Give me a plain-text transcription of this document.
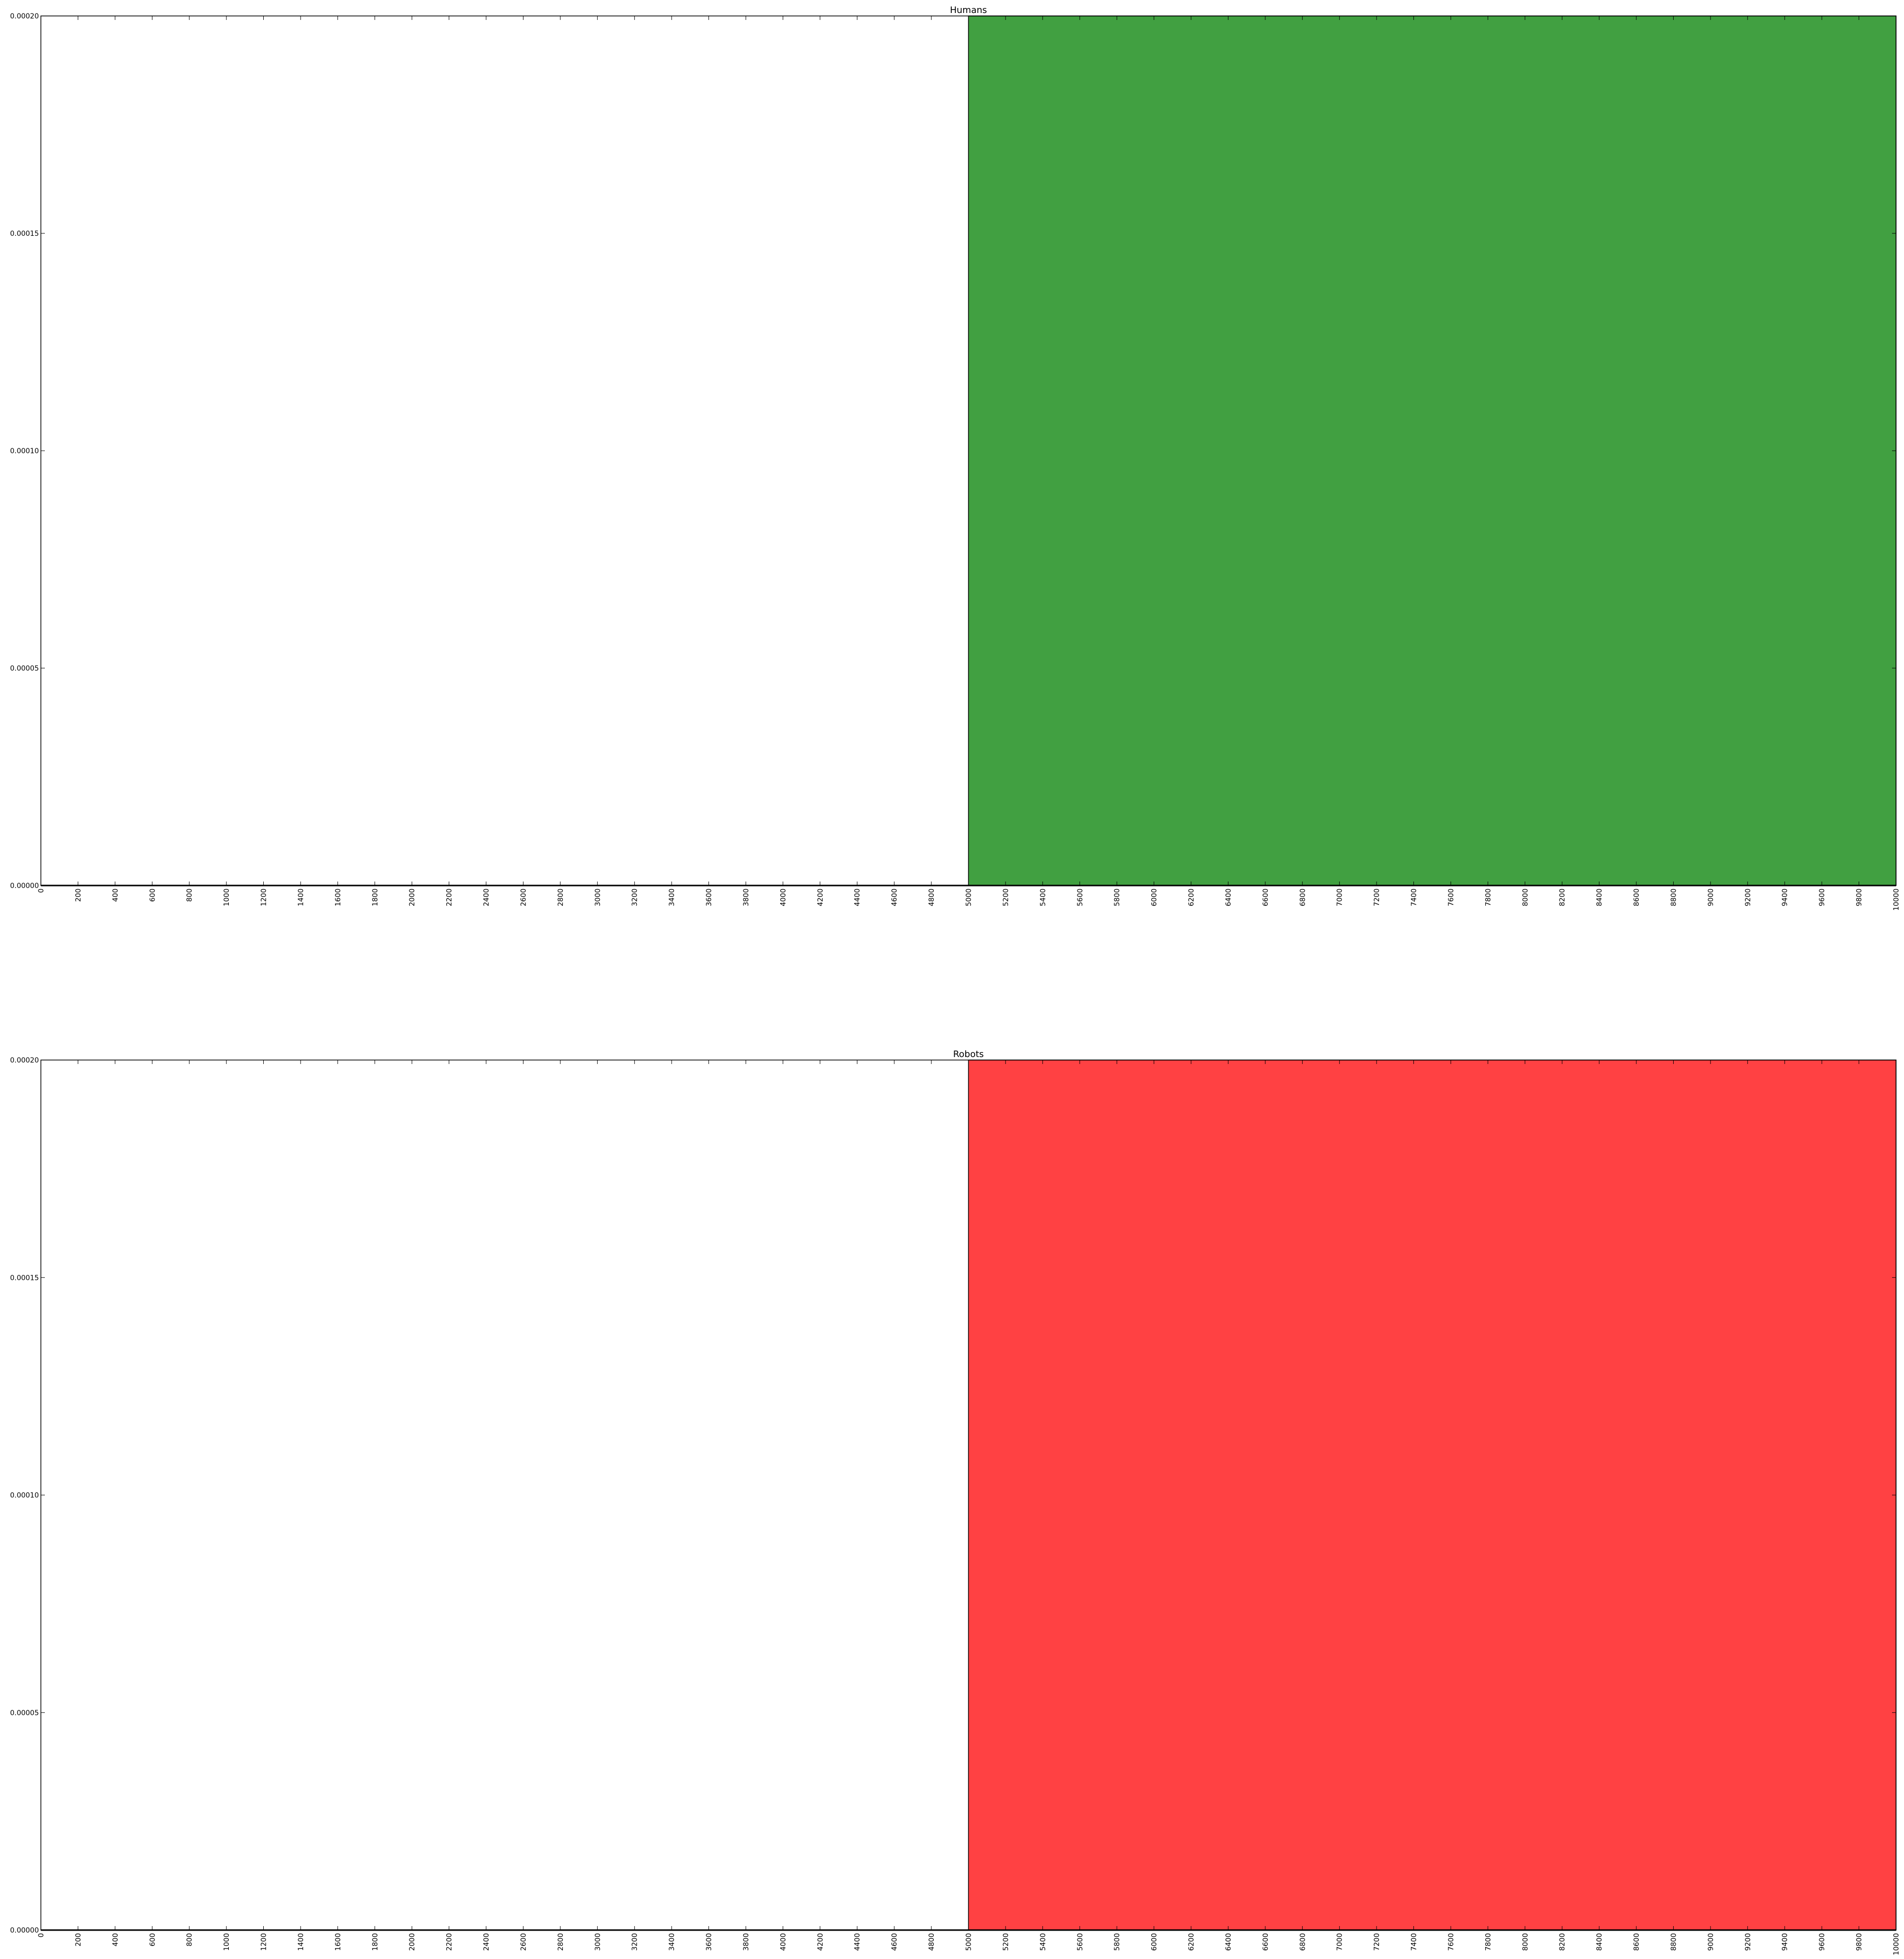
Humans
0.00000
0.00005
0.00010
0.00015
0.00020
0	200	400	600	800	1000	1200	1400	1600	1800	2000	2200	2400	2600	2800	3000	3200	3400	3600	3800	4000	4200	4400	4600	4800	5000	5200	5400	5600	5800	6000	6200	6400	6600	6800	7000	7200	7400	7600	7800	8000	8200	8400	8600	8800	9000	9200	9400	9600	9800	10000
Robots
0.00000
0.00005
0.00010
0.00015
0.00020
0	200	400	600	800	1000	1200	1400	1600	1800	2000	2200	2400	2600	2800	3000	3200	3400	3600	3800	4000	4200	4400	4600	4800	5000	5200	5400	5600	5800	6000	6200	6400	6600	6800	7000	7200	7400	7600	7800	8000	8200	8400	8600	8800	9000	9200	9400	9600	9800	10000
